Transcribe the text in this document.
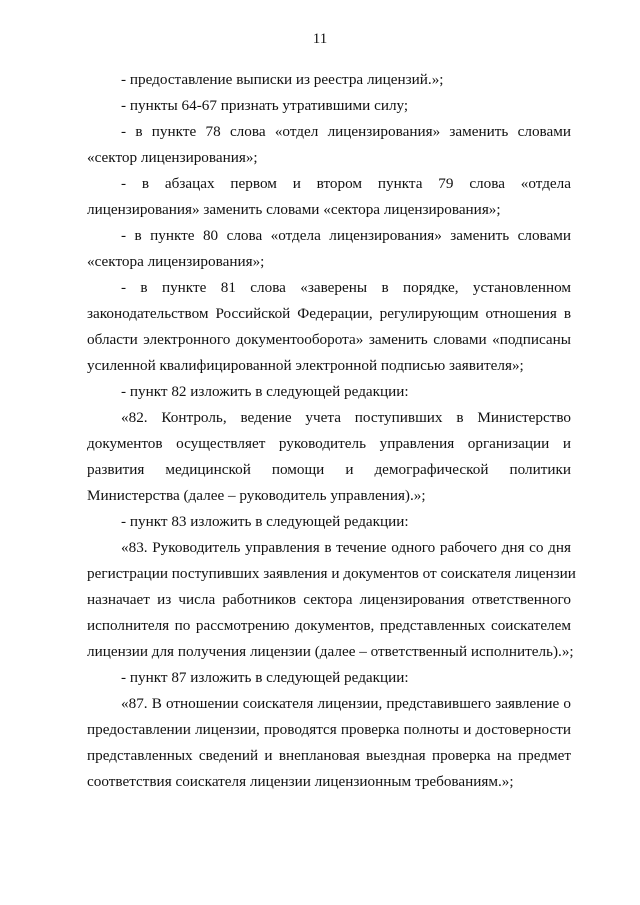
11
- предоставление выписки из реестра лицензий.»;
- пункты 64-67 признать утратившими силу;
- в пункте 78 слова «отдел лицензирования» заменить словами
«сектор лицензирования»;
- в абзацах первом и втором пункта 79 слова «отдела
лицензирования» заменить словами «сектора лицензирования»;
- в пункте 80 слова «отдела лицензирования» заменить словами
«сектора лицензирования»;
- в пункте 81 слова «заверены в порядке, установленном
законодательством Российской Федерации, регулирующим отношения в
области электронного документооборота» заменить словами «подписаны
усиленной квалифицированной электронной подписью заявителя»;
- пункт 82 изложить в следующей редакции:
«82. Контроль, ведение учета поступивших в Министерство
документов осуществляет руководитель управления организации и
развития медицинской помощи и демографической политики
Министерства (далее – руководитель управления).»;
- пункт 83 изложить в следующей редакции:
«83. Руководитель управления в течение одного рабочего дня со дня
регистрации поступивших заявления и документов от соискателя лицензии
назначает из числа работников сектора лицензирования ответственного
исполнителя по рассмотрению документов, представленных соискателем
лицензии для получения лицензии (далее – ответственный исполнитель).»;
- пункт 87 изложить в следующей редакции:
«87. В отношении соискателя лицензии, представившего заявление о
предоставлении лицензии, проводятся проверка полноты и достоверности
представленных сведений и внеплановая выездная проверка на предмет
соответствия соискателя лицензии лицензионным требованиям.»;
